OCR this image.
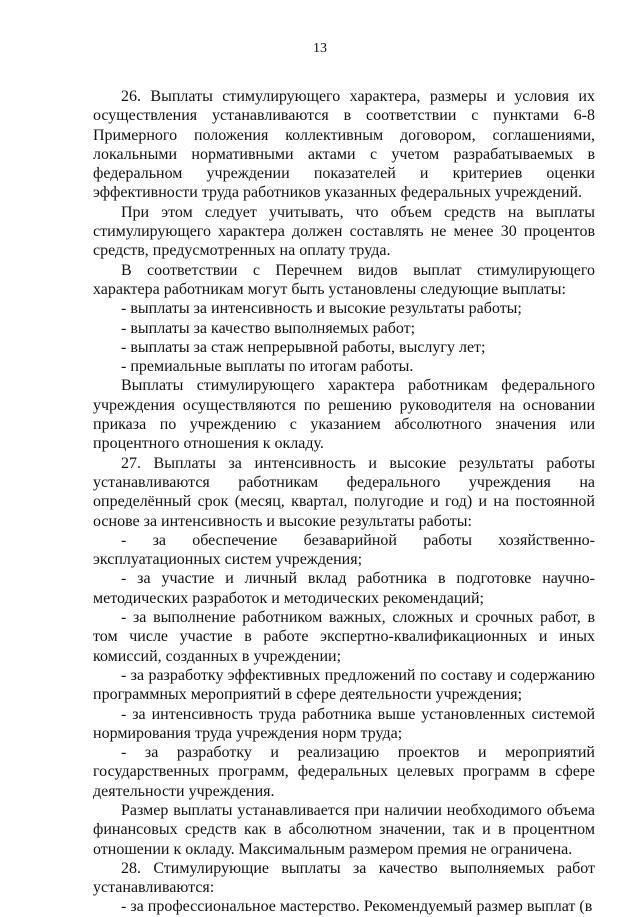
13

26. Выплаты стимулирующего характера, размеры и условия их осуществления устанавливаются в соответствии с пунктами 6-8 Примерного положения коллективным договором, соглашениями, локальными нормативными актами с учетом разрабатываемых в федеральном учреждении показателей и критериев оценки эффективности труда работников указанных федеральных учреждений.

При этом следует учитывать, что объем средств на выплаты стимулирующего характера должен составлять не менее 30 процентов средств, предусмотренных на оплату труда.

В соответствии с Перечнем видов выплат стимулирующего характера работникам могут быть установлены следующие выплаты:

- выплаты за интенсивность и высокие результаты работы;

- выплаты за качество выполняемых работ;

- выплаты за стаж непрерывной работы, выслугу лет;

- премиальные выплаты по итогам работы.

Выплаты стимулирующего характера работникам федерального учреждения осуществляются по решению руководителя на основании приказа по учреждению с указанием абсолютного значения или процентного отношения к окладу.

27. Выплаты за интенсивность и высокие результаты работы устанавливаются работникам федерального учреждения на определённый срок (месяц, квартал, полугодие и год) и на постоянной основе за интенсивность и высокие результаты работы:

- за обеспечение безаварийной работы хозяйственно-эксплуатационных систем учреждения;

- за участие и личный вклад работника в подготовке научно-методических разработок и методических рекомендаций;

- за выполнение работником важных, сложных и срочных работ, в том числе участие в работе экспертно-квалификационных и иных комиссий, созданных в учреждении;

- за разработку эффективных предложений по составу и содержанию программных мероприятий в сфере деятельности учреждения;

- за интенсивность труда работника выше установленных системой нормирования труда учреждения норм труда;

- за разработку и реализацию проектов и мероприятий государственных программ, федеральных целевых программ в сфере деятельности учреждения.

Размер выплаты устанавливается при наличии необходимого объема финансовых средств как в абсолютном значении, так и в процентном отношении к окладу. Максимальным размером премия не ограничена.

28. Стимулирующие выплаты за качество выполняемых работ устанавливаются:

- за профессиональное мастерство. Рекомендуемый размер выплат (в
